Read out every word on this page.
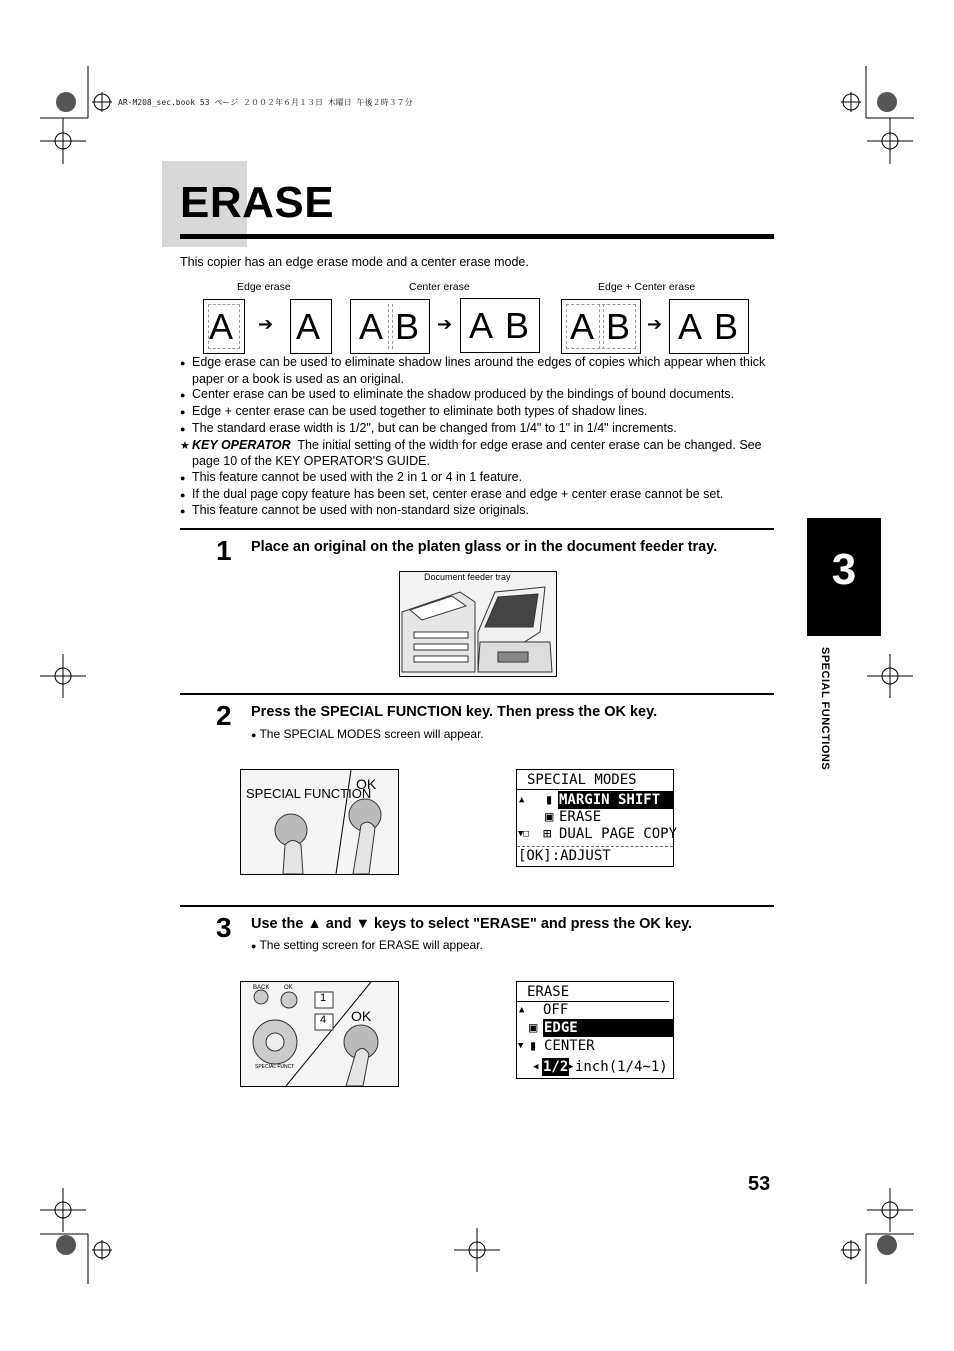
AR-M208_sec.book 53 ページ ２００２年６月１３日 木曜日 午後２時３７分
ERASE
This copier has an edge erase mode and a center erase mode.
Edge erase	Center erase	Edge + Center erase
A ➔ A A B ➔ A B A B ➔ A B

● Edge erase can be used to eliminate shadow lines around the edges of copies which appear when thick paper or a book is used as an original.

● Center erase can be used to eliminate the shadow produced by the bindings of bound documents.

● Edge + center erase can be used together to eliminate both types of shadow lines.

● The standard erase width is 1/2", but can be changed from 1/4" to 1" in 1/4" increments.

★ KEY OPERATOR The initial setting of the width for edge erase and center erase can be changed. See page 10 of the KEY OPERATOR'S GUIDE.

● This feature cannot be used with the 2 in 1 or 4 in 1 feature.

● If the dual page copy feature has been set, center erase and edge + center erase cannot be set.

● This feature cannot be used with non-standard size originals.

1 Place an original on the platen glass or in the document feeder tray.
Document feeder tray
2 Press the SPECIAL FUNCTION key. Then press the OK key.
● The SPECIAL MODES screen will appear.
SPECIAL FUNCTION
OK	SPECIAL MODES
▲ ▮ MARGIN SHIFT
▣ ERASE
▼□ ⊞ DUAL PAGE COPY
[OK]:ADJUST
3 Use the ▲ and ▼ keys to select "ERASE" and press the OK key.
● The setting screen for ERASE will appear.
BACK OK
1
4 OK
SPECIAL FUNCT
ERASE
▲ OFF
▣ EDGE
▼ ▮ CENTER
◀ 1/2 ▶ inch(1/4~1)
3
SPECIAL FUNCTIONS
53
